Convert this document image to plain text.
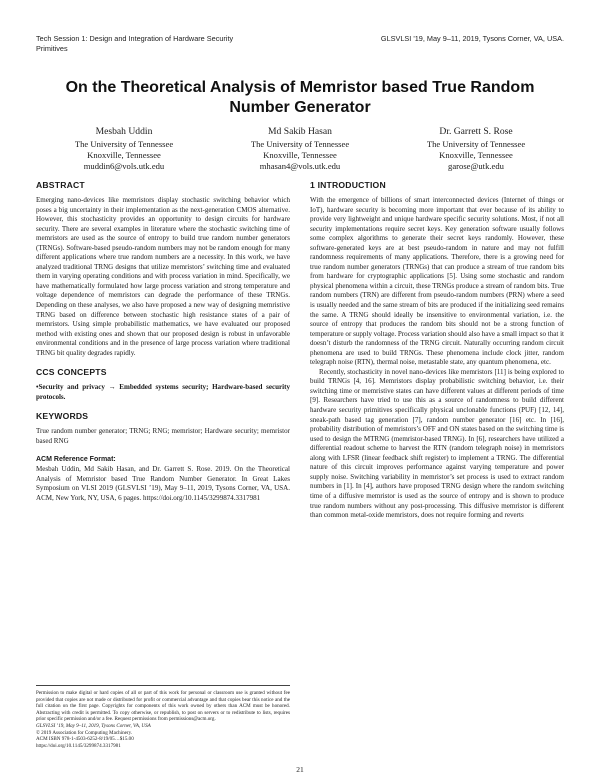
Tech Session 1: Design and Integration of Hardware Security Primitives
GLSVLSI '19, May 9–11, 2019, Tysons Corner, VA, USA.
On the Theoretical Analysis of Memristor based True Random Number Generator
Mesbah Uddin
The University of Tennessee
Knoxville, Tennessee
muddin6@vols.utk.edu
Md Sakib Hasan
The University of Tennessee
Knoxville, Tennessee
mhasan4@vols.utk.edu
Dr. Garrett S. Rose
The University of Tennessee
Knoxville, Tennessee
garose@utk.edu
ABSTRACT

Emerging nano-devices like memristors display stochastic switching behavior which poses a big uncertainty in their implementation as the next-generation CMOS alternative. However, this stochasticity provides an opportunity to design circuits for hardware security. There are several examples in literature where the stochastic switching time of memristors are used as the source of entropy to build true random number generators (TRNGs). Software-based pseudo-random numbers may not be random enough for many different applications where true random numbers are a necessity. In this work, we have analyzed traditional TRNG designs that utilize memristors’ switching time and evaluated them in varying operating conditions and with process variation in mind. Specifically, we have mathematically formulated how large process variation and strong temperature and voltage dependence of memristors can degrade the performance of these TRNGs. Depending on these analyses, we also have proposed a new way of designing memristive TRNG based on difference between stochastic high resistance states of a pair of memristors. Using simple probabilistic mathematics, we have evaluated our proposed method with existing ones and shown that our proposed design is robust in unfavorable environmental conditions and in the presence of large process variation where traditional TRNG bit quality degrades rapidly.

CCS CONCEPTS

•Security and privacy → Embedded systems security; Hardware-based security protocols.

KEYWORDS

True random number generator; TRNG; RNG; memristor; Hardware security; memristor based RNG

ACM Reference Format:

Mesbah Uddin, Md Sakib Hasan, and Dr. Garrett S. Rose. 2019. On the Theoretical Analysis of Memristor based True Random Number Generator. In Great Lakes Symposium on VLSI 2019 (GLSVLSI ’19), May 9–11, 2019, Tysons Corner, VA, USA. ACM, New York, NY, USA, 6 pages. https://doi.org/10.1145/3299874.3317981

Permission to make digital or hard copies of all or part of this work for personal or classroom use is granted without fee provided that copies are not made or distributed for profit or commercial advantage and that copies bear this notice and the full citation on the first page. Copyrights for components of this work owned by others than ACM must be honored. Abstracting with credit is permitted. To copy otherwise, or republish, to post on servers or to redistribute to lists, requires prior specific permission and/or a fee. Request permissions from permissions@acm.org.

GLSVLSI ’19, May 9–11, 2019, Tysons Corner, VA, USA

© 2019 Association for Computing Machinery.

ACM ISBN 978-1-4503-6252-8/19/05…$15.00

https://doi.org/10.1145/3299874.3317981

1 INTRODUCTION

With the emergence of billions of smart interconnected devices (Internet of things or IoT), hardware security is becoming more important that ever because of its ability to provide very lightweight and unique hardware specific security solutions. Most, if not all security implementations require secret keys. Key generation software usually follows some complex algorithms to generate their secret keys randomly. However, these software-generated keys are at best pseudo-random in nature and may not fulfill randomness requirements of many applications. Therefore, there is a growing need for true random number generators (TRNGs) that can produce a stream of true random bits from hardware for cryptographic applications [5]. Using some stochastic and random physical phenomena within a circuit, these TRNGs produce a stream of random bits. True random numbers (TRN) are different from pseudo-random numbers (PRN) where a seed is usually needed and the same stream of bits are produced if the initializing seed remains the same. A TRNG should ideally be insensitive to environmental variation, i.e. the source of entropy that produces the random bits should not be a strong function of temperature or supply voltage. Process variation should also have a small impact so that it doesn’t disturb the randomness of the TRNG circuit. Naturally occurring random circuit phenomena are used to build TRNGs. These phenomena include clock jitter, random telegraph noise (RTN), thermal noise, metastable state, any quantum phenomena, etc.

Recently, stochasticity in novel nano-devices like memristors [11] is being explored to build TRNGs [4, 16]. Memristors display probabilistic switching behavior, i.e. their switching time or memristive states can have different values at different periods of time [9]. Researchers have tried to use this as a source of randomness to build different hardware security primitives specifically physical unclonable functions (PUF) [12, 14], sneak-path based tag generation [7], random number generator [16] etc. In [16], probability distribution of memristors’s OFF and ON states based on the switching time is used to design the MTRNG (memristor-based TRNG). In [6], researchers have utilized a differential readout scheme to harvest the RTN (random telegraph noise) in memristors along with LFSR (linear feedback shift register) to implement a TRNG. The differential nature of this circuit improves performance against varying temperature and power supply noise. Switching variability in memristor’s set process is used to extract random numbers in [1]. In [4], authors have proposed TRNG design where the random switching time of a diffusive memristor is used as the source of entropy and is shown to produce true random numbers without any post-processing. This diffusive memristor is different than common metal-oxide memristors, does not require forming and reverts

21
